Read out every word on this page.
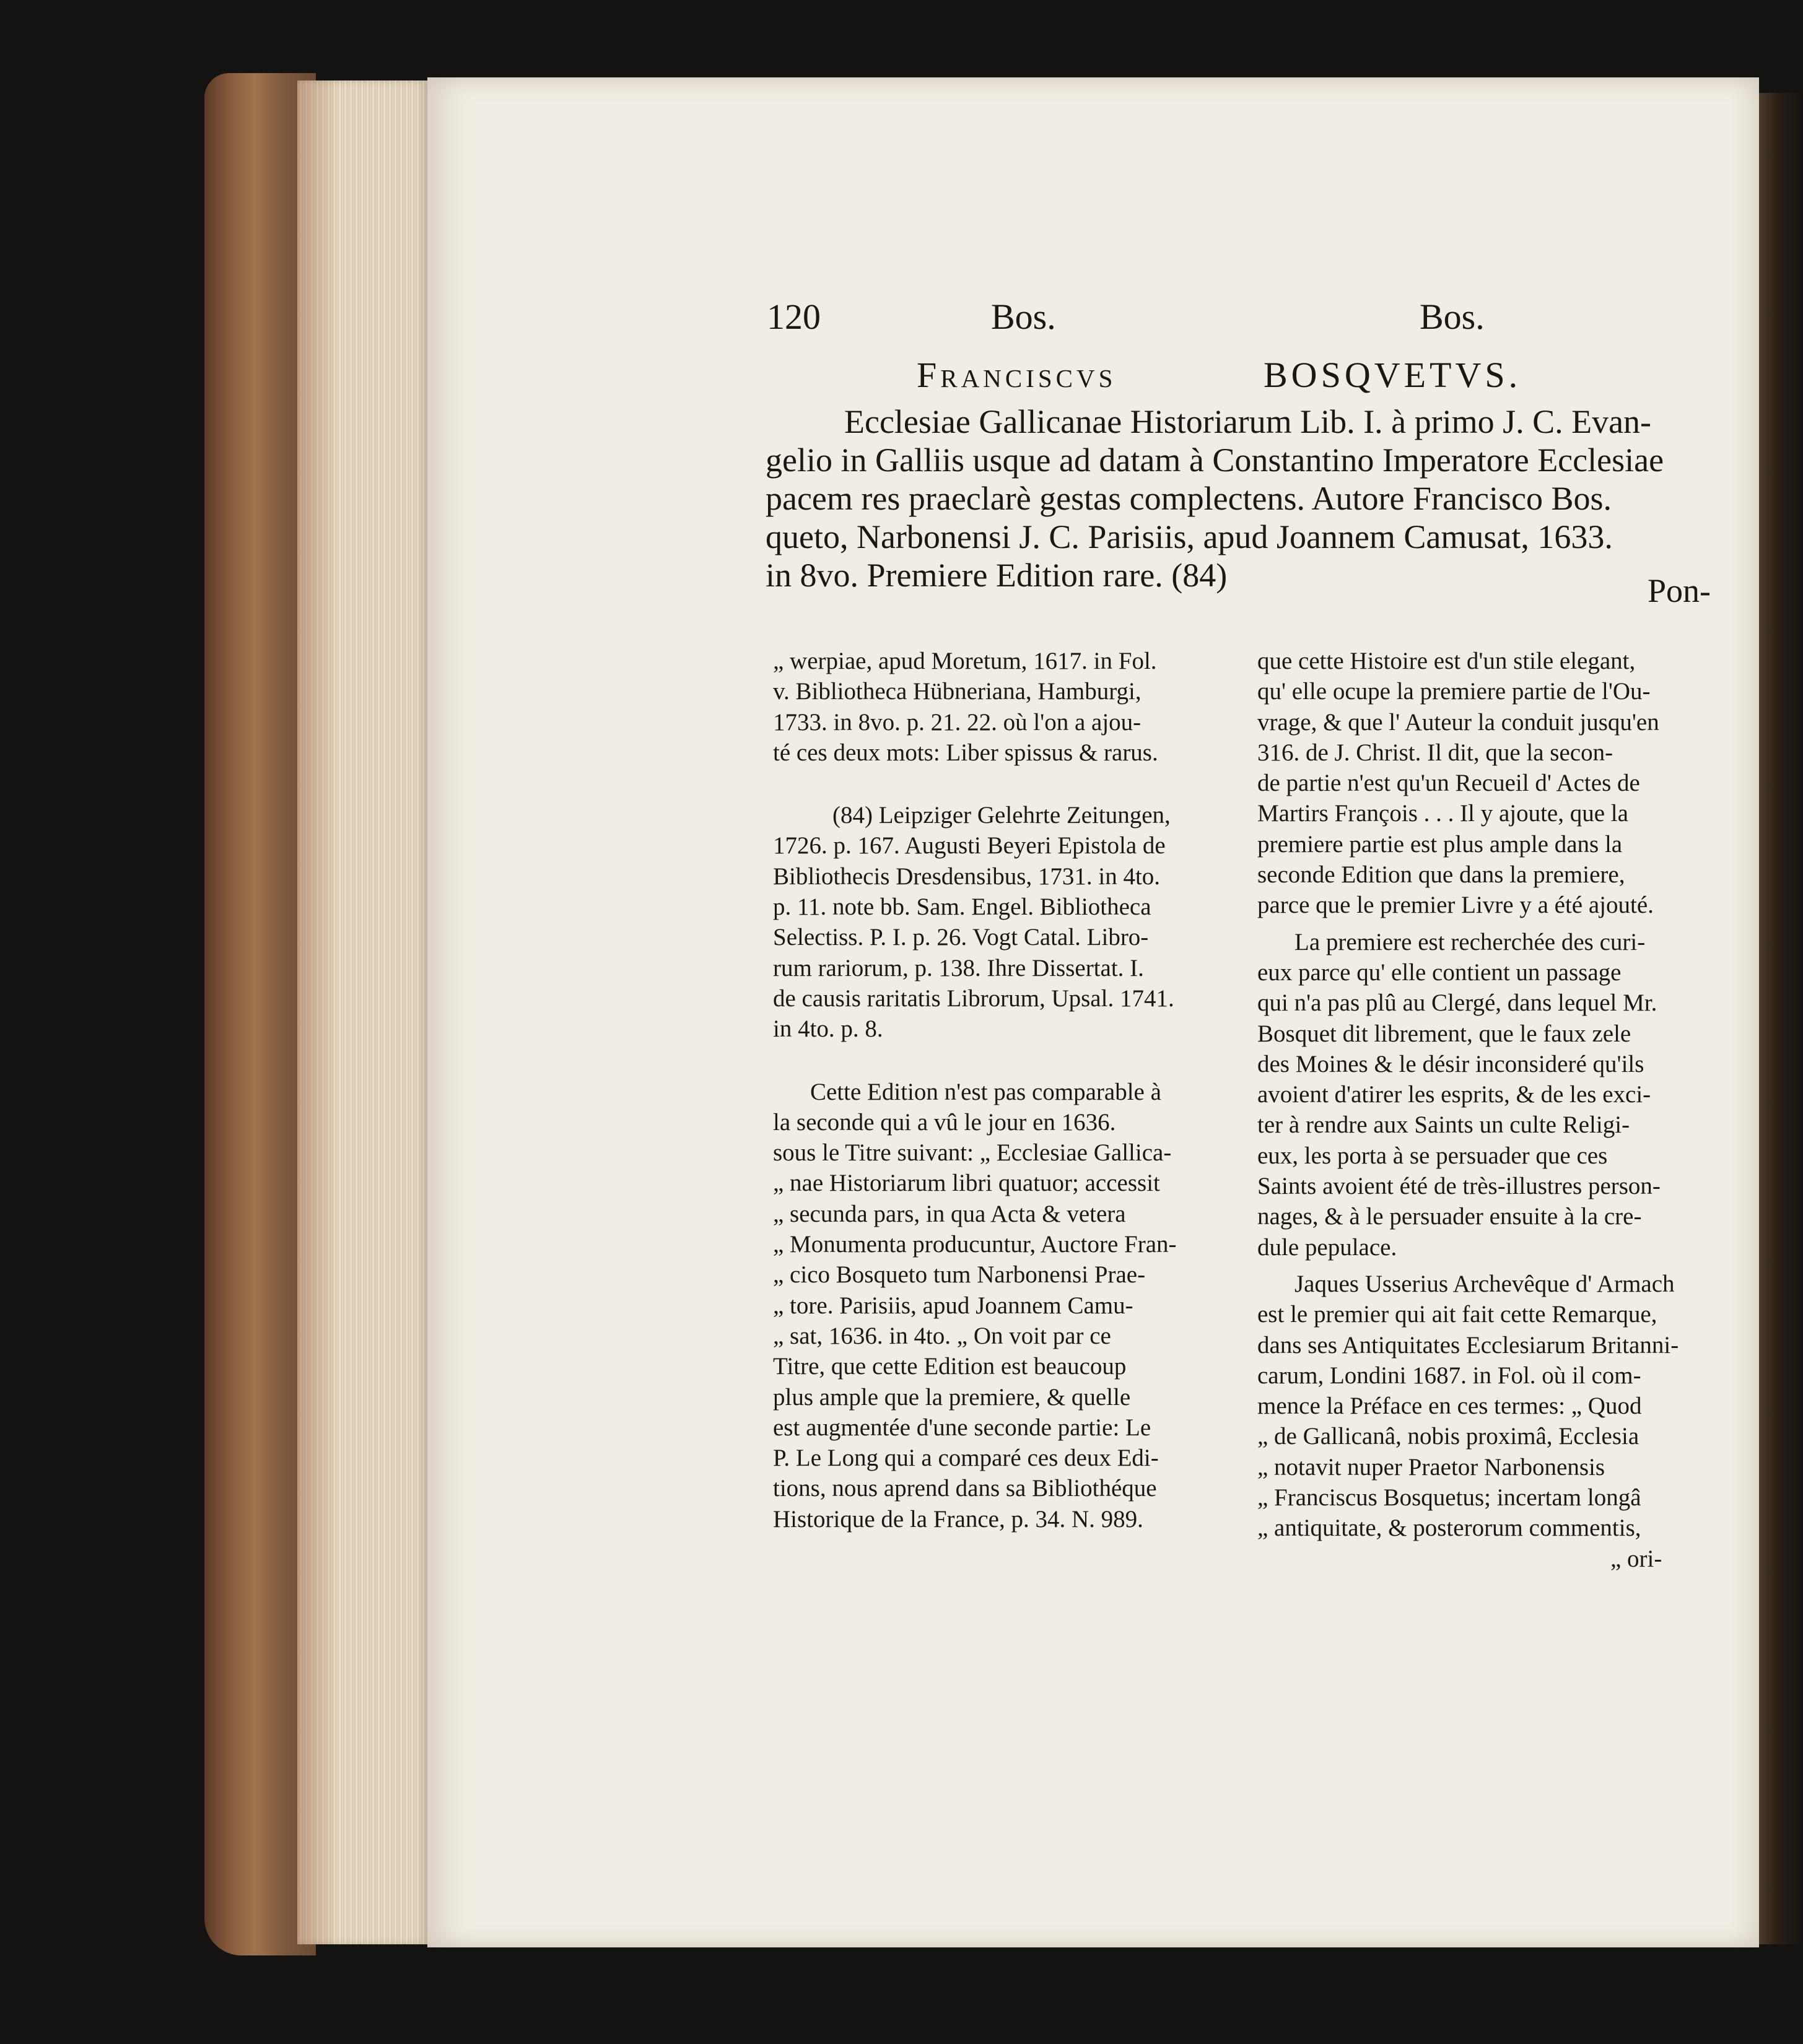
120	Bos.	Bos.
Franciscvs	BOSQVETVS.
Ecclesiae Gallicanae Historiarum Lib. I. à primo J. C. Evan-
gelio in Galliis usque ad datam à Constantino Imperatore Ecclesiae
pacem res praeclarè gestas complectens. Autore Francisco Bos.
queto, Narbonensi J. C. Parisiis, apud Joannem Camusat, 1633.
in 8vo. Premiere Edition rare. (84)	Pon-
„ werpiae, apud Moretum, 1617. in Fol.
v. Bibliotheca Hübneriana, Hamburgi,
1733. in 8vo. p. 21. 22. où l'on a ajou-
té ces deux mots: Liber spissus & rarus.
(84) Leipziger Gelehrte Zeitungen,
1726. p. 167. Augusti Beyeri Epistola de
Bibliothecis Dresdensibus, 1731. in 4to.
p. 11. note bb. Sam. Engel. Bibliotheca
Selectiss. P. I. p. 26. Vogt Catal. Libro-
rum rariorum, p. 138. Ihre Dissertat. I.
de causis raritatis Librorum, Upsal. 1741.
in 4to. p. 8.
Cette Edition n'est pas comparable à
la seconde qui a vû le jour en 1636.
sous le Titre suivant: „ Ecclesiae Gallica-
„ nae Historiarum libri quatuor; accessit
„ secunda pars, in qua Acta & vetera
„ Monumenta producuntur, Auctore Fran-
„ cico Bosqueto tum Narbonensi Prae-
„ tore. Parisiis, apud Joannem Camu-
„ sat, 1636. in 4to. „ On voit par ce
Titre, que cette Edition est beaucoup
plus ample que la premiere, & quelle
est augmentée d'une seconde partie: Le
P. Le Long qui a comparé ces deux Edi-
tions, nous aprend dans sa Bibliothéque
Historique de la France, p. 34. N. 989.
que cette Histoire est d'un stile elegant,
qu' elle ocupe la premiere partie de l'Ou-
vrage, & que l' Auteur la conduit jusqu'en
316. de J. Christ. Il dit, que la secon-
de partie n'est qu'un Recueil d' Actes de
Martirs François . . . Il y ajoute, que la
premiere partie est plus ample dans la
seconde Edition que dans la premiere,
parce que le premier Livre y a été ajouté.
La premiere est recherchée des curi-
eux parce qu' elle contient un passage
qui n'a pas plû au Clergé, dans lequel Mr.
Bosquet dit librement, que le faux zele
des Moines & le désir inconsideré qu'ils
avoient d'atirer les esprits, & de les exci-
ter à rendre aux Saints un culte Religi-
eux, les porta à se persuader que ces
Saints avoient été de très-illustres person-
nages, & à le persuader ensuite à la cre-
dule pepulace.
Jaques Usserius Archevêque d' Armach
est le premier qui ait fait cette Remarque,
dans ses Antiquitates Ecclesiarum Britanni-
carum, Londini 1687. in Fol. où il com-
mence la Préface en ces termes: „ Quod
„ de Gallicanâ, nobis proximâ, Ecclesia
„ notavit nuper Praetor Narbonensis
„ Franciscus Bosquetus; incertam longâ
„ antiquitate, & posterorum commentis,
„ ori-
